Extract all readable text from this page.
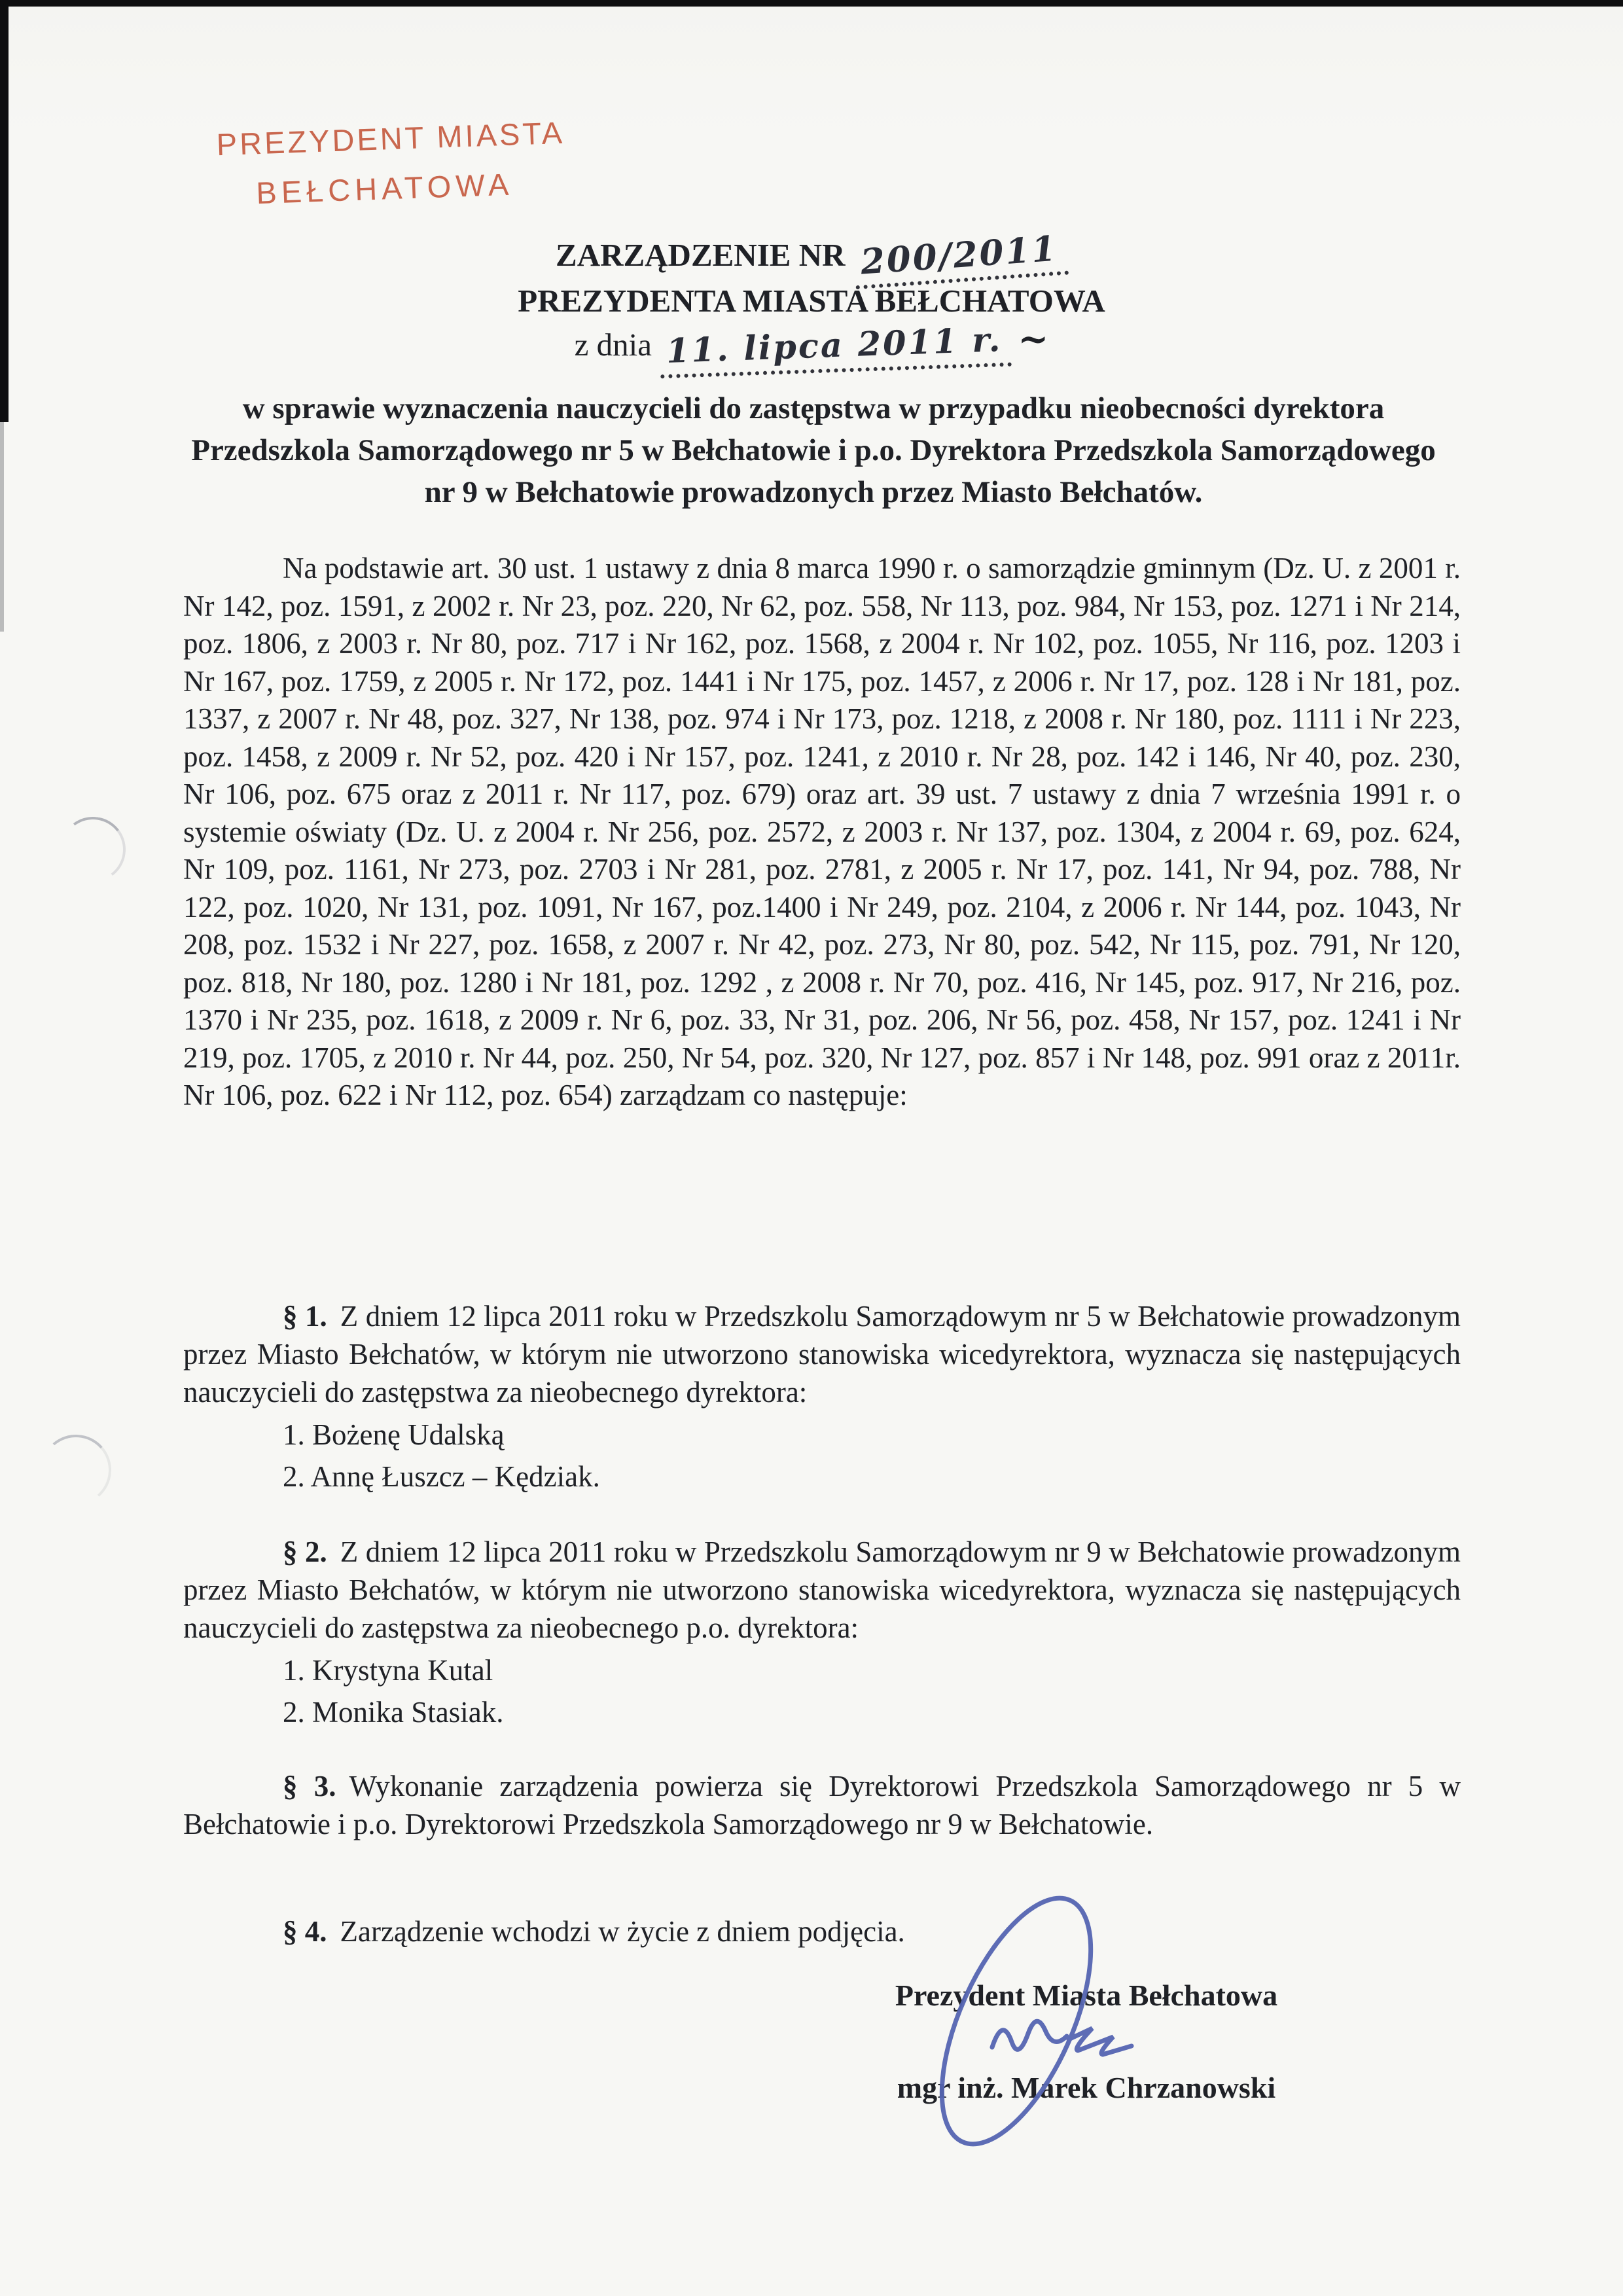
PREZYDENT MIASTA
BEŁCHATOWA
ZARZĄDZENIE NR 200/2011
PREZYDENTA MIASTA BEŁCHATOWA
z dnia 11. lipca 2011 r. ~
w sprawie wyznaczenia nauczycieli do zastępstwa w przypadku nieobecności dyrektora Przedszkola Samorządowego nr 5 w Bełchatowie i p.o. Dyrektora Przedszkola Samorządowego nr 9 w Bełchatowie prowadzonych przez Miasto Bełchatów.

Na podstawie art. 30 ust. 1 ustawy z dnia 8 marca 1990 r. o samorządzie gminnym (Dz. U. z 2001 r. Nr 142, poz. 1591, z 2002 r. Nr 23, poz. 220, Nr 62, poz. 558, Nr 113, poz. 984, Nr 153, poz. 1271 i Nr 214, poz. 1806, z 2003 r. Nr 80, poz. 717 i Nr 162, poz. 1568, z 2004 r. Nr 102, poz. 1055, Nr 116, poz. 1203 i Nr 167, poz. 1759, z 2005 r. Nr 172, poz. 1441 i Nr 175, poz. 1457, z 2006 r. Nr 17, poz. 128 i Nr 181, poz. 1337, z 2007 r. Nr 48, poz. 327, Nr 138, poz. 974 i Nr 173, poz. 1218, z 2008 r. Nr 180, poz. 1111 i Nr 223, poz. 1458, z 2009 r. Nr 52, poz. 420 i Nr 157, poz. 1241, z 2010 r. Nr 28, poz. 142 i 146, Nr 40, poz. 230, Nr 106, poz. 675 oraz z 2011 r. Nr 117, poz. 679) oraz art. 39 ust. 7 ustawy z dnia 7 września 1991 r. o systemie oświaty (Dz. U. z 2004 r. Nr 256, poz. 2572, z 2003 r. Nr 137, poz. 1304, z 2004 r. 69, poz. 624, Nr 109, poz. 1161, Nr 273, poz. 2703 i Nr 281, poz. 2781, z 2005 r. Nr 17, poz. 141, Nr 94, poz. 788, Nr 122, poz. 1020, Nr 131, poz. 1091, Nr 167, poz.1400 i Nr 249, poz. 2104, z 2006 r. Nr 144, poz. 1043, Nr 208, poz. 1532 i Nr 227, poz. 1658, z 2007 r. Nr 42, poz. 273, Nr 80, poz. 542, Nr 115, poz. 791, Nr 120, poz. 818, Nr 180, poz. 1280 i Nr 181, poz. 1292 , z 2008 r. Nr 70, poz. 416, Nr 145, poz. 917, Nr 216, poz. 1370 i Nr 235, poz. 1618, z 2009 r. Nr 6, poz. 33, Nr 31, poz. 206, Nr 56, poz. 458, Nr 157, poz. 1241 i Nr 219, poz. 1705, z 2010 r. Nr 44, poz. 250, Nr 54, poz. 320, Nr 127, poz. 857 i Nr 148, poz. 991 oraz z 2011r. Nr 106, poz. 622 i Nr 112, poz. 654) zarządzam co następuje:

§ 1. Z dniem 12 lipca 2011 roku w Przedszkolu Samorządowym nr 5 w Bełchatowie prowadzonym przez Miasto Bełchatów, w którym nie utworzono stanowiska wicedyrektora, wyznacza się następujących nauczycieli do zastępstwa za nieobecnego dyrektora:

1. Bożenę Udalską
2. Annę Łuszcz – Kędziak.

§ 2. Z dniem 12 lipca 2011 roku w Przedszkolu Samorządowym nr 9 w Bełchatowie prowadzonym przez Miasto Bełchatów, w którym nie utworzono stanowiska wicedyrektora, wyznacza się następujących nauczycieli do zastępstwa za nieobecnego p.o. dyrektora:

1. Krystyna Kutal
2. Monika Stasiak.

§ 3. Wykonanie zarządzenia powierza się Dyrektorowi Przedszkola Samorządowego nr 5 w Bełchatowie i p.o. Dyrektorowi Przedszkola Samorządowego nr 9 w Bełchatowie.

§ 4. Zarządzenie wchodzi w życie z dniem podjęcia.

Prezydent Miasta Bełchatowa
mgr inż. Marek Chrzanowski
